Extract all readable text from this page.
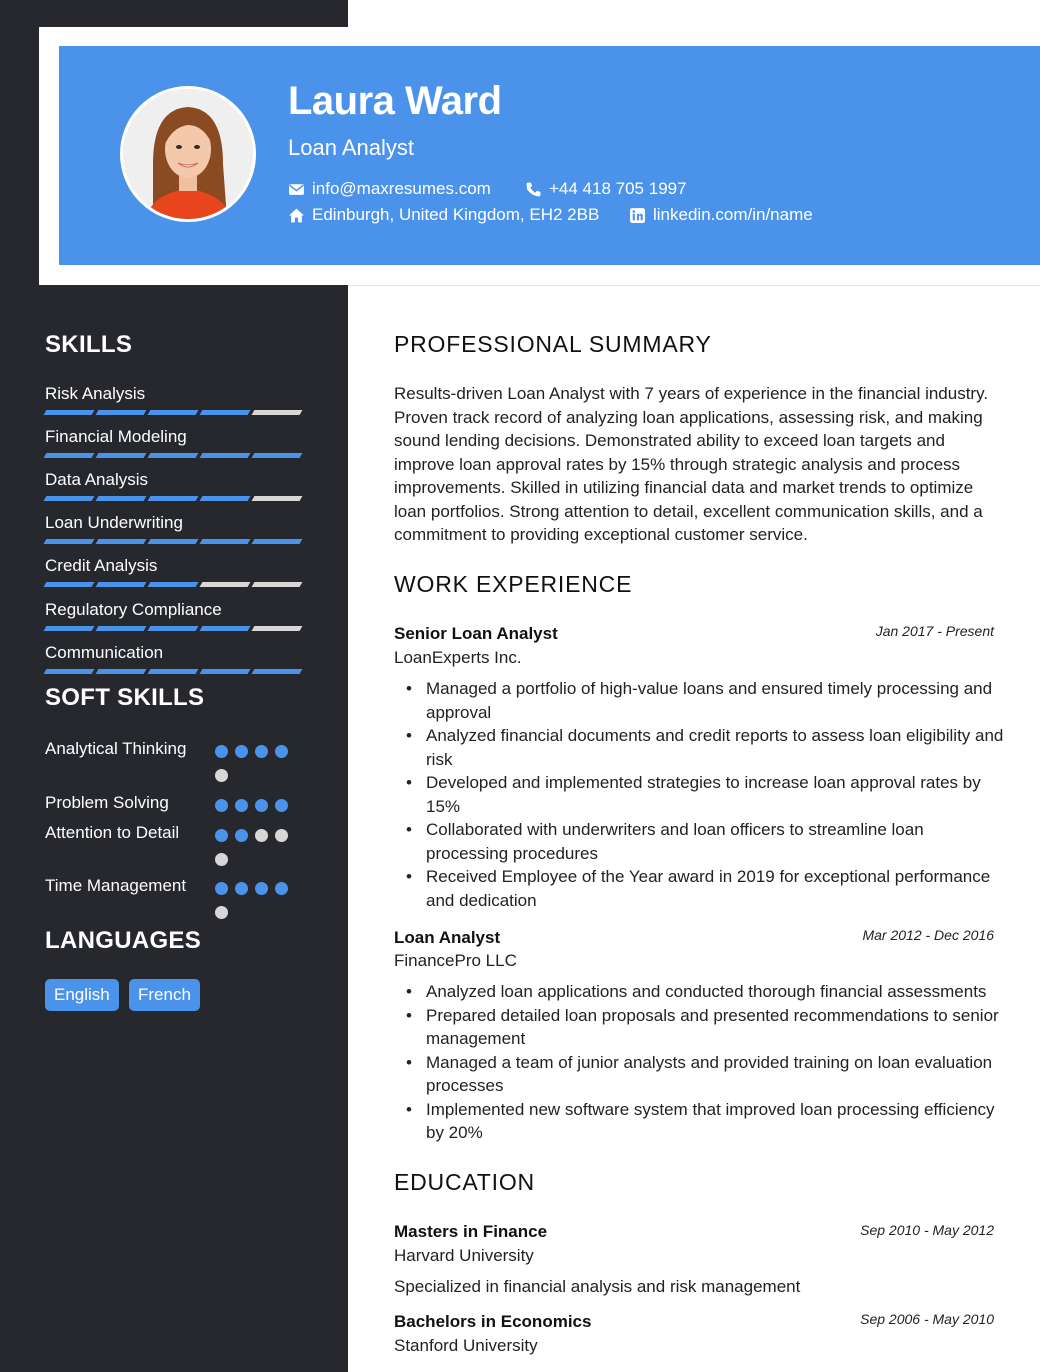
Laura Ward
Loan Analyst
info@maxresumes.com	+44 418 705 1997
Edinburgh, United Kingdom, EH2 2BB	linkedin.com/in/name
SKILLS
Risk Analysis
Financial Modeling
Data Analysis
Loan Underwriting
Credit Analysis
Regulatory Compliance
Communication
SOFT SKILLS
Analytical Thinking
Problem Solving
Attention to Detail
Time Management
LANGUAGES
English	French
PROFESSIONAL SUMMARY
Results-driven Loan Analyst with 7 years of experience in the financial industry. Proven track record of analyzing loan applications, assessing risk, and making sound lending decisions. Demonstrated ability to exceed loan targets and improve loan approval rates by 15% through strategic analysis and process improvements. Skilled in utilizing financial data and market trends to optimize loan portfolios. Strong attention to detail, excellent communication skills, and a commitment to providing exceptional customer service.
WORK EXPERIENCE
Senior Loan Analyst	Jan 2017 - Present
LoanExperts Inc.
• Managed a portfolio of high-value loans and ensured timely processing and approval
• Analyzed financial documents and credit reports to assess loan eligibility and risk
• Developed and implemented strategies to increase loan approval rates by 15%
• Collaborated with underwriters and loan officers to streamline loan processing procedures
• Received Employee of the Year award in 2019 for exceptional performance and dedication
Loan Analyst	Mar 2012 - Dec 2016
FinancePro LLC
• Analyzed loan applications and conducted thorough financial assessments
• Prepared detailed loan proposals and presented recommendations to senior management
• Managed a team of junior analysts and provided training on loan evaluation processes
• Implemented new software system that improved loan processing efficiency by 20%
EDUCATION
Masters in Finance	Sep 2010 - May 2012
Harvard University
Specialized in financial analysis and risk management
Bachelors in Economics	Sep 2006 - May 2010
Stanford University
